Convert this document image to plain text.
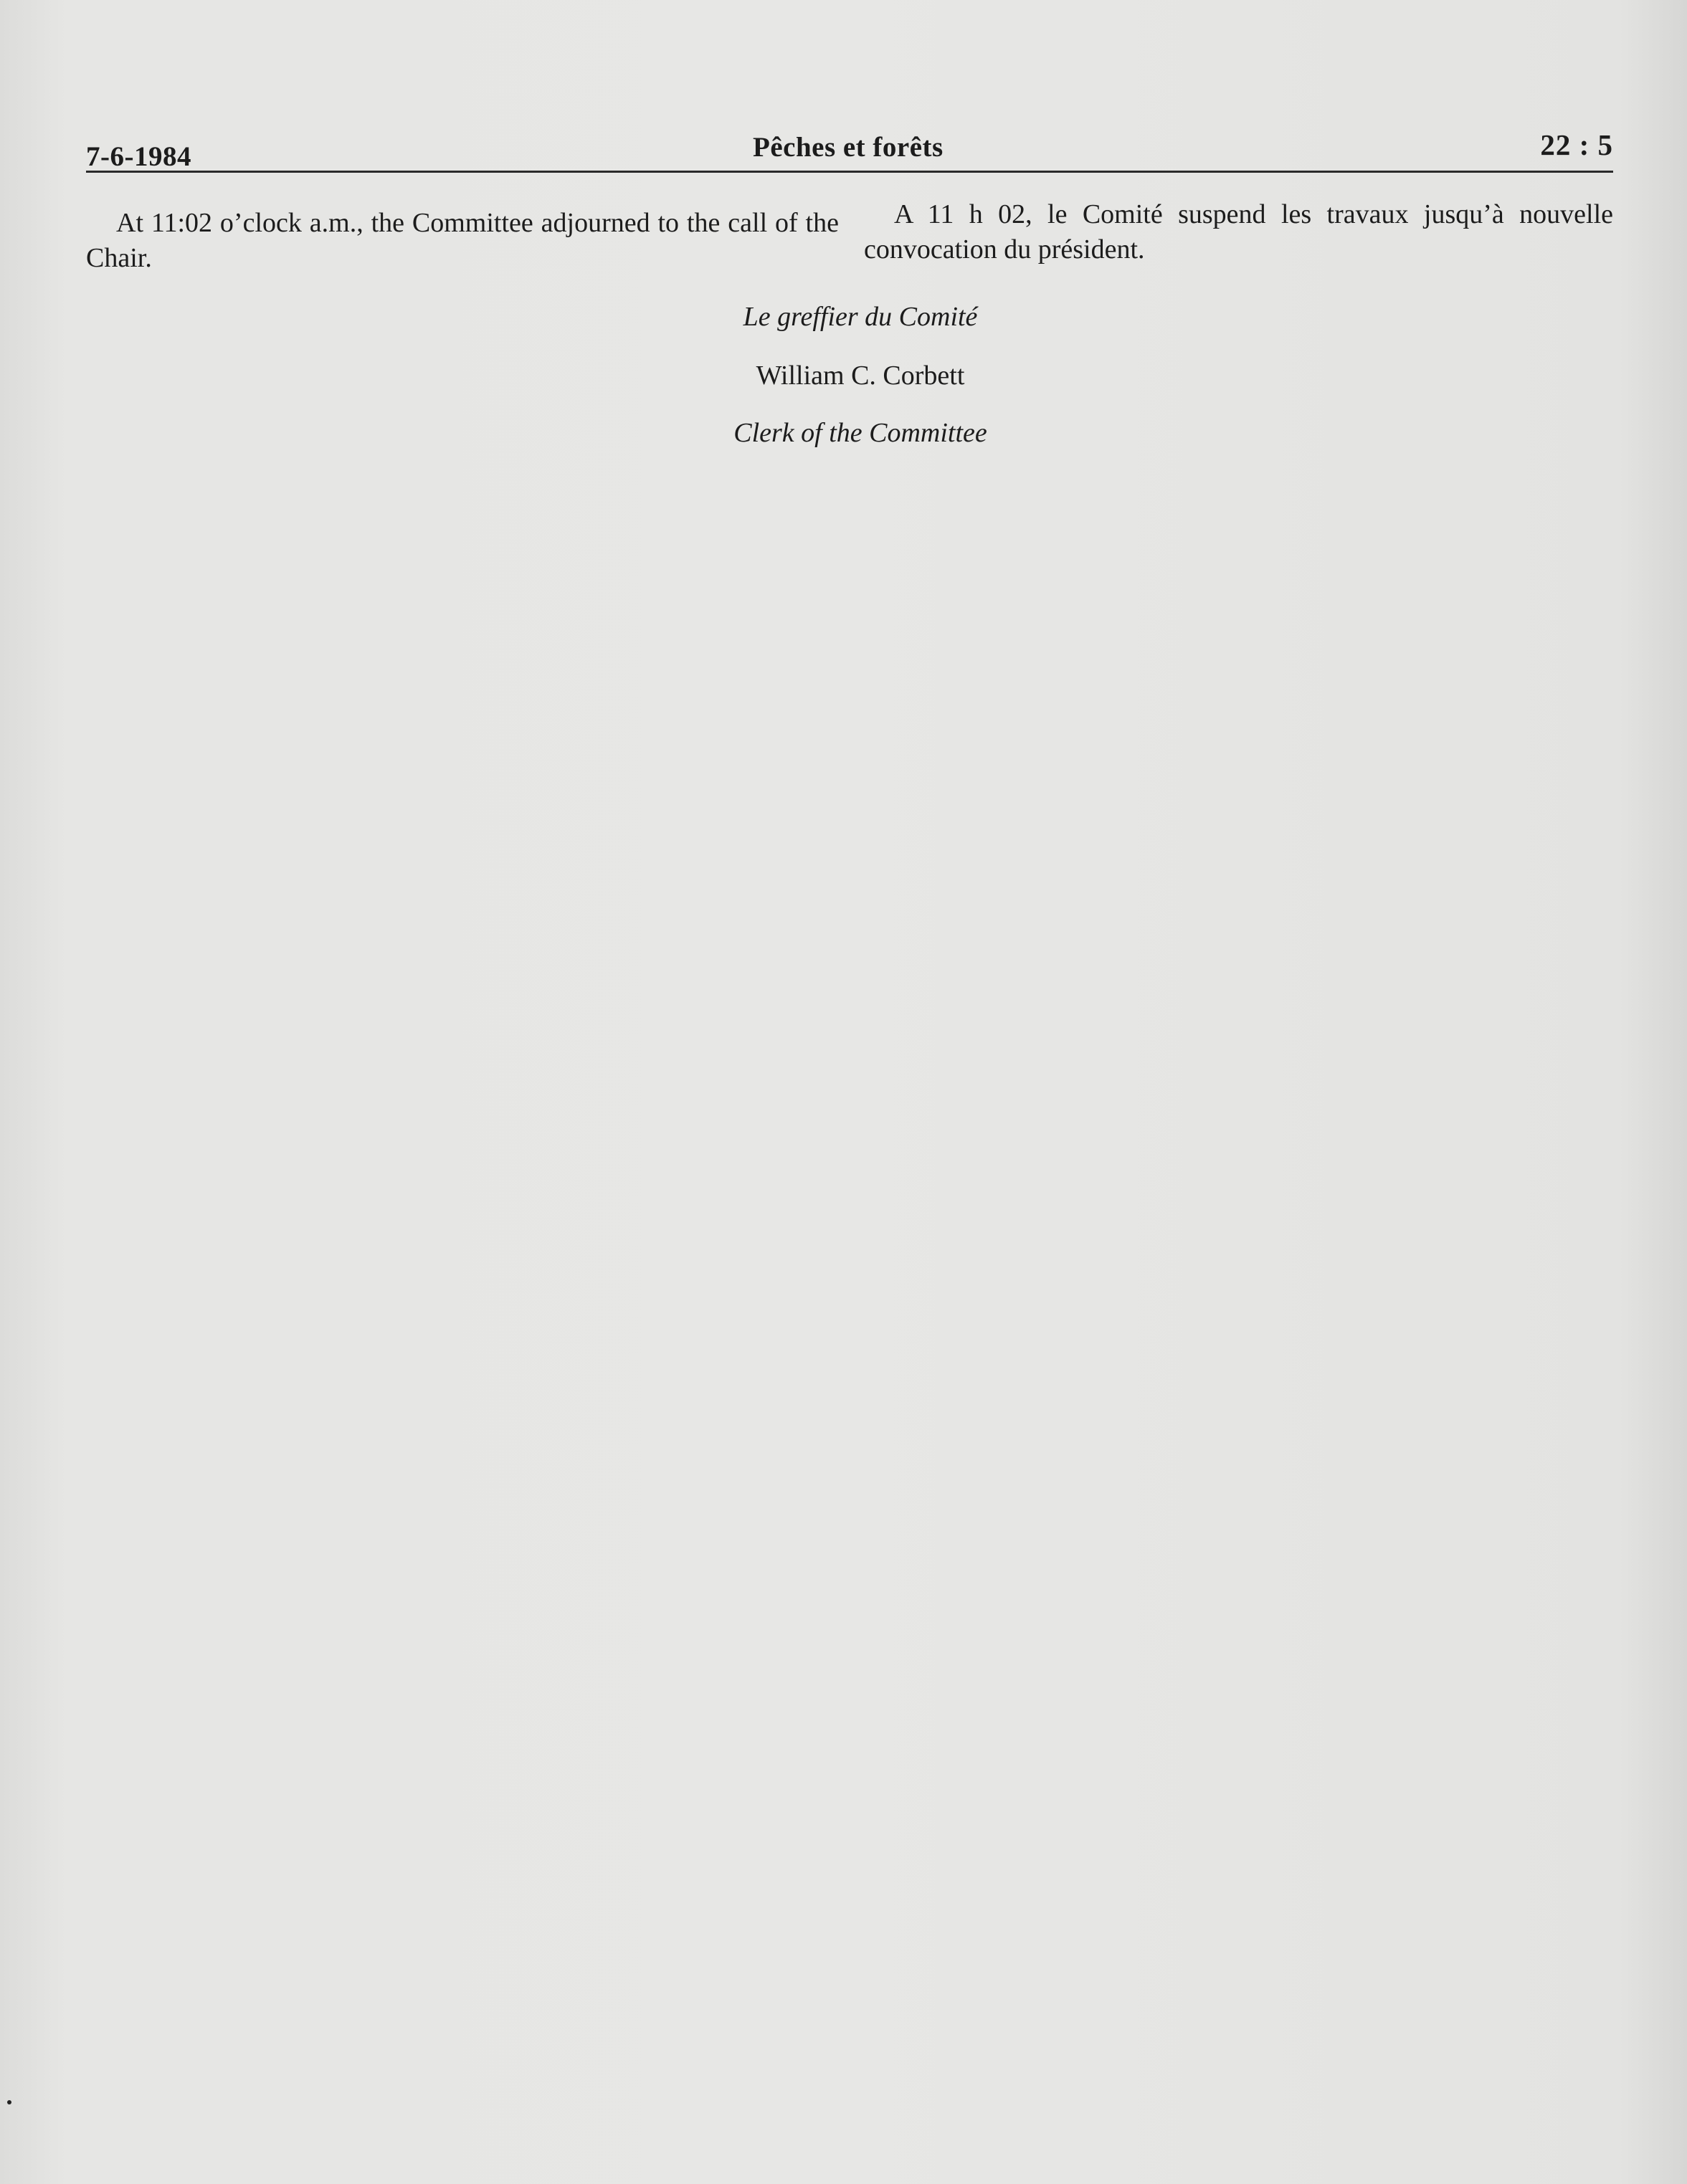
7-6-1984	Pêches et forêts	22 : 5

At 11:02 o’clock a.m., the Committee adjourned to the call of the Chair.

A 11 h 02, le Comité suspend les travaux jusqu’à nouvelle convocation du président.

Le greffier du Comité
William C. Corbett
Clerk of the Committee
